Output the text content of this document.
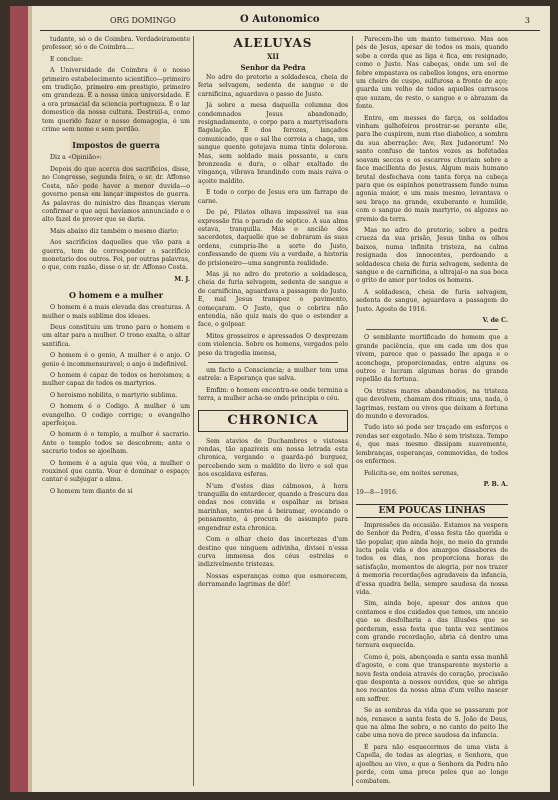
ORG DOMINGO	O Autonomico	3

tudante, só o de Coimbra. Verdadeiramente professor, só o de Coimbra....

E conclue:

A Universidade de Coimbra é o nosso primeiro estabelecimento scientifico—primeiro em tradição, primeiro em prestigio, primeiro em grandeza. É a nossa única universidade. É a ora primacial da sciencia portugueza. É o lar domestico da nossa cultura. Destruil-a, como tem querido fazer o nosso demagogia, é um crime sem nome e sem perdão.

Impostos de guerra

Diz a «Opinião»:

Depois do que acerca dos sacrificios, disse, no Congresso, segunda feira, o sr. dr. Affonso Costa, não pode haver a menor duvida—o governo pensa em lançar impostos de guerra. As palavras do ministro das finanças vieram confirmar o que aqui havíamos annunciado e o alto fazel de prever que se daria.

Mais abaixo diz também o mesmo diario:

Aos sacrificios daquelles que vão para a guerra, tem de corresponder o sacrificio monetario dos outros. Foi, por outras palavras, o que, com razão, disse o sr. dr. Affonso Costa.

M. J.
O homem e a mulher

O homem é a mais elevada das creaturas. A mulher o mais sublime dos ideaes.

Deus constituiu um trono para o homem e um altar para a mulher. O trono exalta, o altar santifica.

O homem é o genio, A mulher é o anjo. O genio é incommensuravel; o anjo é indefinivel.

O homem é capaz de todos os heroismos; a mulher capaz de todos os martyrios.

O heroismo nobilita, o martyrio sublima.

O homem é o Codigo. A mulher é um evangelho. O codigo corrige; o evangelho aperfeiçoa.

O homem é o templo, a mulher é sacrario. Ante o templo todos se descobrem; ante o sacrario todos se ajoelham.

O homem é a aguia que vôa, a mulher o rouxinol que canta. Voar é dominar o espaço; cantar é subjugar a alma.

O homem tem diante de si

ALELUYAS
XII
Senhor da Pedra

No adro do pretorio a soldadesca, cheia de feria selvagem, sedenta de sangue e de carnificina, aguardava o passo de Justo.

Já sobre a mesa daquella columna dos condemnados Jesus abandonado, resignadamente, o corpo para a martyrisadora flagelação. E dos ferozes, lançados comunicado, que o sal lhe corroia a chaga, um sangue quente gotejava numa tinta dolorosa. Mas, sem soldado mais possante, a cara bronzeada e dura, o olhar exaltado de vingança, vibrava brandindo com mais raiva o açoite maldito.

E todo o corpo de Jesus era um farrapo de carne.

De pé, Pilatos olhava impassivel na sua expressão fria o parado de séptico. A sua alma estava, tranquilla. Mas o ancião dos sacerdotes, daquelle que se dobraram ás suas ordens, cumpria-lhe a sorte do Justo, confessando de quem viu a verdade, a historia do prisioneiro—uma sangrenta realidade.

Mas já no adro do pretorio a soldadesca, cheia de furia selvagem, sedenta de sangue e de carnificina, aguardava a passagem do Justo. E, mal Jesus transpoz o pavimento, começaram. O Justo, que o cobrira não entendia, não quiz mais do que o estender a face, o golpear.

Mitos grosseiros e apressados O desprezam com violencia. Sobre os homens, vergados pelo peso da tragedia imensa,

um facto a Consciencia; a mulher tem uma estrela: a Esperança que salva.

Emfim: o homem encontra-se onde termina a terra, a mulher acha-se onde principia o céu.

CHRONICA

Sem atavios de Duchambres e vistosas rendas, tão apaziveis em nossa letrada esta chronica, vergando o guarda-pó burguez, percebendo sem o maldito do livro e sol que nos escaldava esferas.

N'um d'estes dias cálmosos, á hora tranquilla do entardecer, quando a frescura das ondas nos convida e espalhar as brisas marinhas, sentei-me á beiramar, evocando o pensamento, á procura de assumpto para engendrar esta chronica.

Com o olhar cheio das incertezas d'um destino que ninguem adivinha, divisei n'essa curva immensa dos céus estrelas e indizivelmente tristezas.

Nossas esperanças como que esmorecem, derramando lagrimas de dôr!

Parecem-lhe um manto temeroso. Mas aos pés de Jesus, apesar de todos os mais, quando sobe a corda que as liga e fica, em resignado, como o Justo. Nas cabeças, onde um sol de febre empastava os cabellos longos, era enorme um cheiro de cuspo, sulfurosa a fronte de aço; guarda um velho de todos aquelles carrascos que suzam, de resto, o sangue e o abrazam da fonte.

Entre, em messes de farça, os soldados vinham galhofeiros prostrar-se perante elle, para lhe cuspirem, num riso diabolico, a sombra da sua aberração: Ave, Rex Judaeorum! No santo confuso de tantos vozes as bofetadas soavam seccas e os escarros chuviam sobre a face macillenta do Jesus. Algum mais humano brutal desfechava com tanta força na cabeça para que os espinhos penetrassem fundo numa agonia maior, e um mais mesmo, levantava o seu braço na grande, exuberante e humilde, com o sangue do mais martyrio, os algozes ao gremio da terra.

Mas no adro do pretorio, sobre a pedra crueza da sua prisão, Jesus tinha os olhos baixos, numa infinita tristeza, na calma resignada dos innocentes, perdoando a soldadesca cheia de furia selvagem, sedenta de sangue e de carnificina, a ultrajal-o na sua boca o grito de amor por todos os homens.

A soldadesca, cheia de furia selvagem, sedenta de sangue, aguardava a passagem do Justo. Agosto de 1916.

V. de C.

O semblante mortificado do homem que a grande paciência, que em cada um dos que vivem, parece que o passado lhe apaga e o aconchega, proporcionadas, entre alguns os outros e lucram algumas horas do grande repellão da fortuna.

Os tristes mares abandonados, na tristeza que devolvem, chamam dos rituais; uns, nada, ó lagrimas, restam ou vivos que deixam á fortuna do mundo e devorados.

Tudo isto só pode ser traçado em esforços e rendas ser exgotado. Não é sem tristeza. Tempo é, que mas mesmo dissipam suavemente, lembranças, esperanças, commovidas, de todos os enfermos.

Felicita-se, em noites serenas,

P. B. A.
19—8—1916.
EM POUCAS LINHAS

Impressões da occasião. Estamos na vespera do Senhor da Pedra, d'essa festa tão querida e tão popular, que ainda hoje, no meio da grande lucta pela vida e dos amargos dissabores de todos os dias, nos proporciona horas de satisfação, momentos de alegria, por nos trazer á memoria recordações agradaveis da infancia, d'essa quadra bella, sempre saudosa da nossa vida.

Sim, ainda hoje, apesar dos annos que contamos e dos cuidados que temos, um anceio que se desfolharia a das illusões que se perderam, essa festa que tanta vez sentimos com grande recordação, abria cá dentro uma ternura esquecida.

Como é, pois, abençoada e santa essa manhã d'agosto, e com que transparente mysterio a nova festa ondeia através do coração, procissão que desponta a nossos ouvidos, que se abriga nos recantos da nossa alma d'um velho nascer em soffrer.

Se as sombras da vida que se passaram por nós, renasce a santa festa de S. João de Deus, que na alma lhe sobra, e no canto do peito lhe cabe uma nova de prece saudosa da infancia.

É para não esquecermos de uma vista á Capella, de todas as alegrias, e Senhora, que ajoelhou ao vivo, e que a Senhora da Pedra não perde, com uma prece pelos que ao longe combatem.
